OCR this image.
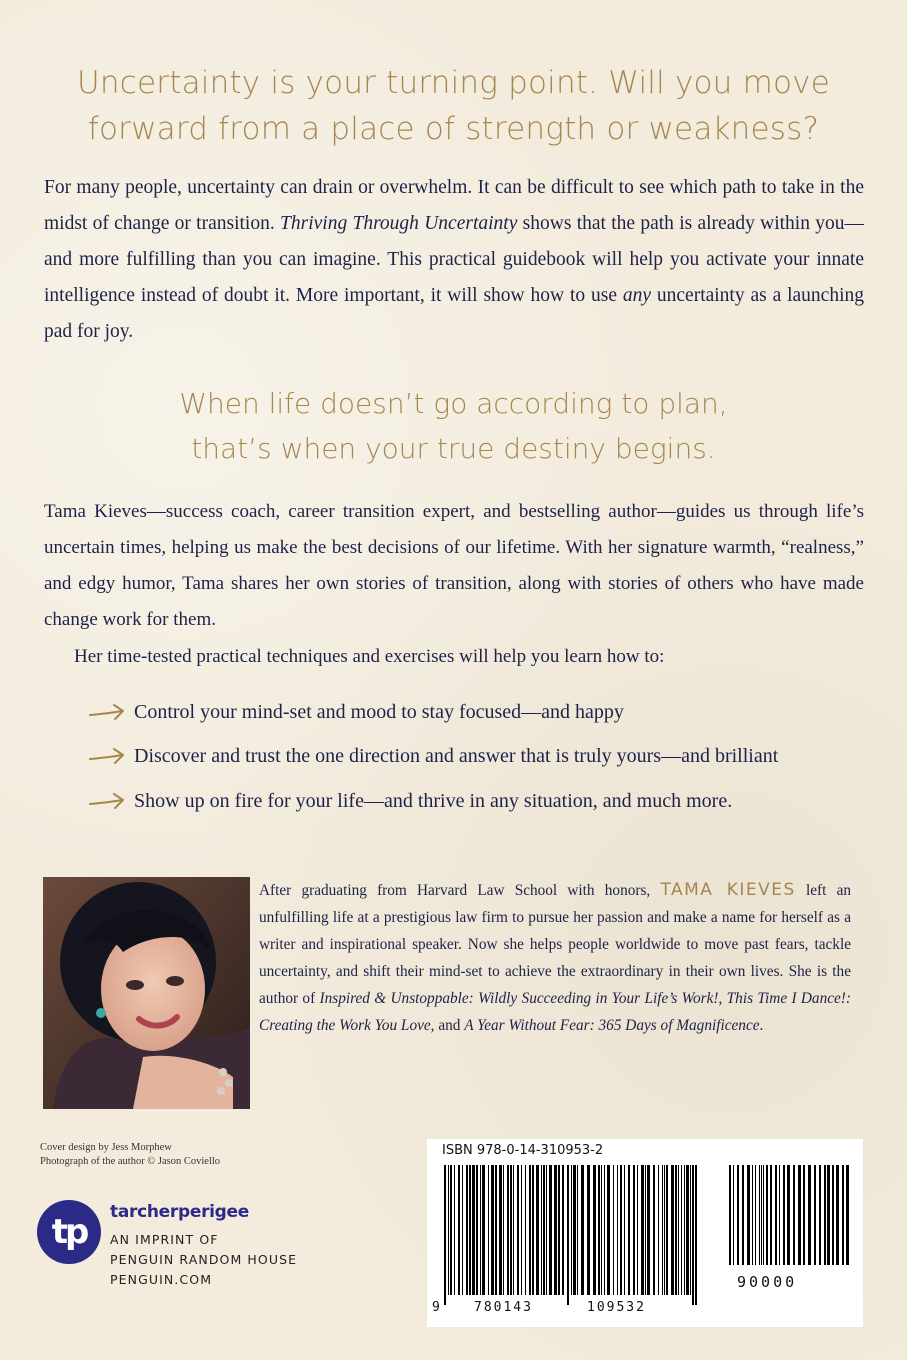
Uncertainty is your turning point. Will you move
forward from a place of strength or weakness?
For many people, uncertainty can drain or overwhelm. It can be difficult to see which path to take in the midst of change or transition. Thriving Through Uncertainty shows that the path is already within you—and more fulfilling than you can imagine. This practical guidebook will help you activate your innate intelligence instead of doubt it. More important, it will show how to use any uncertainty as a launching pad for joy.
When life doesn’t go according to plan,
that’s when your true destiny begins.
Tama Kieves—success coach, career transition expert, and bestselling author—guides us through life’s uncertain times, helping us make the best decisions of our lifetime. With her signature warmth, “realness,” and edgy humor, Tama shares her own stories of transition, along with stories of others who have made change work for them.
Her time-tested practical techniques and exercises will help you learn how to:
Control your mind-set and mood to stay focused—and happy
Discover and trust the one direction and answer that is truly yours—and brilliant
Show up on fire for your life—and thrive in any situation, and much more.
After graduating from Harvard Law School with honors, TAMA KIEVES left an unfulfilling life at a prestigious law firm to pursue her passion and make a name for herself as a writer and inspirational speaker. Now she helps people worldwide to move past fears, tackle uncertainty, and shift their mind-set to achieve the extraordinary in their own lives. She is the author of Inspired & Unstoppable: Wildly Succeeding in Your Life’s Work!, This Time I Dance!: Creating the Work You Love, and A Year Without Fear: 365 Days of Magnificence.
Cover design by Jess Morphew
Photograph of the author © Jason Coviello
tp	tarcherperigee
AN IMPRINT OF
PENGUIN RANDOM HOUSE
PENGUIN.COM
ISBN 978-0-14-310953-2
9	780143	109532
90000
